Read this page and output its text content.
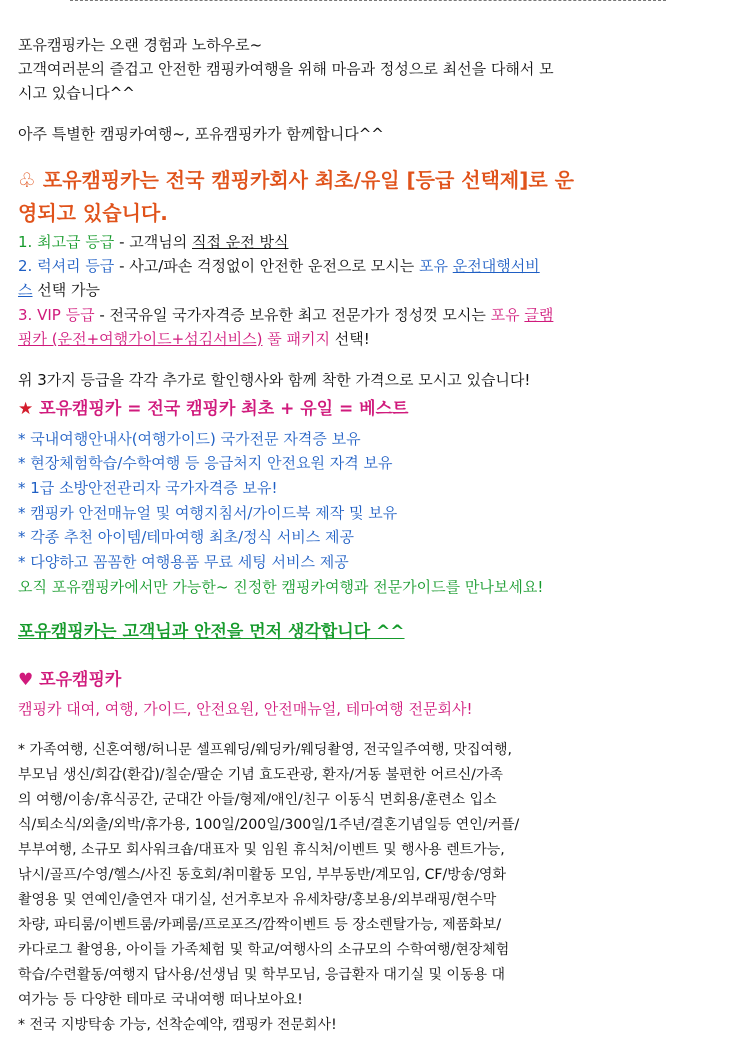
포유캠핑카는 오랜 경험과 노하우로~
고객여러분의 즐겁고 안전한 캠핑카여행을 위해 마음과 정성으로 최선을 다해서 모
시고 있습니다^^
아주 특별한 캠핑카여행~, 포유캠핑카가 함께합니다^^
♧ 포유캠핑카는 전국 캠핑카회사 최초/유일 [등급 선택제]로 운
영되고 있습니다.
1. 최고급 등급 - 고객님의 직접 운전 방식
2. 럭셔리 등급 - 사고/파손 걱정없이 안전한 운전으로 모시는 포유 운전대행서비
스 선택 가능
3. VIP 등급 - 전국유일 국가자격증 보유한 최고 전문가가 정성껏 모시는 포유 글램
핑카 (운전+여행가이드+섬김서비스) 풀 패키지 선택!
위 3가지 등급을 각각 추가로 할인행사와 함께 착한 가격으로 모시고 있습니다!
★ 포유캠핑카 = 전국 캠핑카 최초 + 유일 = 베스트
* 국내여행안내사(여행가이드) 국가전문 자격증 보유
* 현장체험학습/수학여행 등 응급처지 안전요원 자격 보유
* 1급 소방안전관리자 국가자격증 보유!
* 캠핑카 안전매뉴얼 및 여행지침서/가이드북 제작 및 보유
* 각종 추천 아이템/테마여행 최초/정식 서비스 제공
* 다양하고 꼼꼼한 여행용품 무료 세팅 서비스 제공
오직 포유캠핑카에서만 가능한~ 진정한 캠핑카여행과 전문가이드를 만나보세요!
포유캠핑카는 고객님과 안전을 먼저 생각합니다 ^^
♥ 포유캠핑카
캠핑카 대여, 여행, 가이드, 안전요원, 안전매뉴얼, 테마여행 전문회사!
* 가족여행, 신혼여행/허니문 셀프웨딩/웨딩카/웨딩촬영, 전국일주여행, 맛집여행,
부모님 생신/회갑(환갑)/칠순/팔순 기념 효도관광, 환자/거동 불편한 어르신/가족
의 여행/이송/휴식공간, 군대간 아들/형제/애인/친구 이동식 면회용/훈련소 입소
식/퇴소식/외출/외박/휴가용, 100일/200일/300일/1주년/결혼기념일등 연인/커플/
부부여행, 소규모 회사워크숍/대표자 및 임원 휴식처/이벤트 및 행사용 렌트가능,
낚시/골프/수영/헬스/사진 동호회/취미활동 모임, 부부동반/계모임, CF/방송/영화
촬영용 및 연예인/출연자 대기실, 선거후보자 유세차량/홍보용/외부래핑/현수막
차량, 파티룸/이벤트룸/카페룸/프로포즈/깜짝이벤트 등 장소렌탈가능, 제품화보/
카다로그 촬영용, 아이들 가족체험 및 학교/여행사의 소규모의 수학여행/현장체험
학습/수련활동/여행지 답사용/선생님 및 학부모님, 응급환자 대기실 및 이동용 대
여가능 등 다양한 테마로 국내여행 떠나보아요!
* 전국 지방탁송 가능, 선착순예약, 캠핑카 전문회사!
